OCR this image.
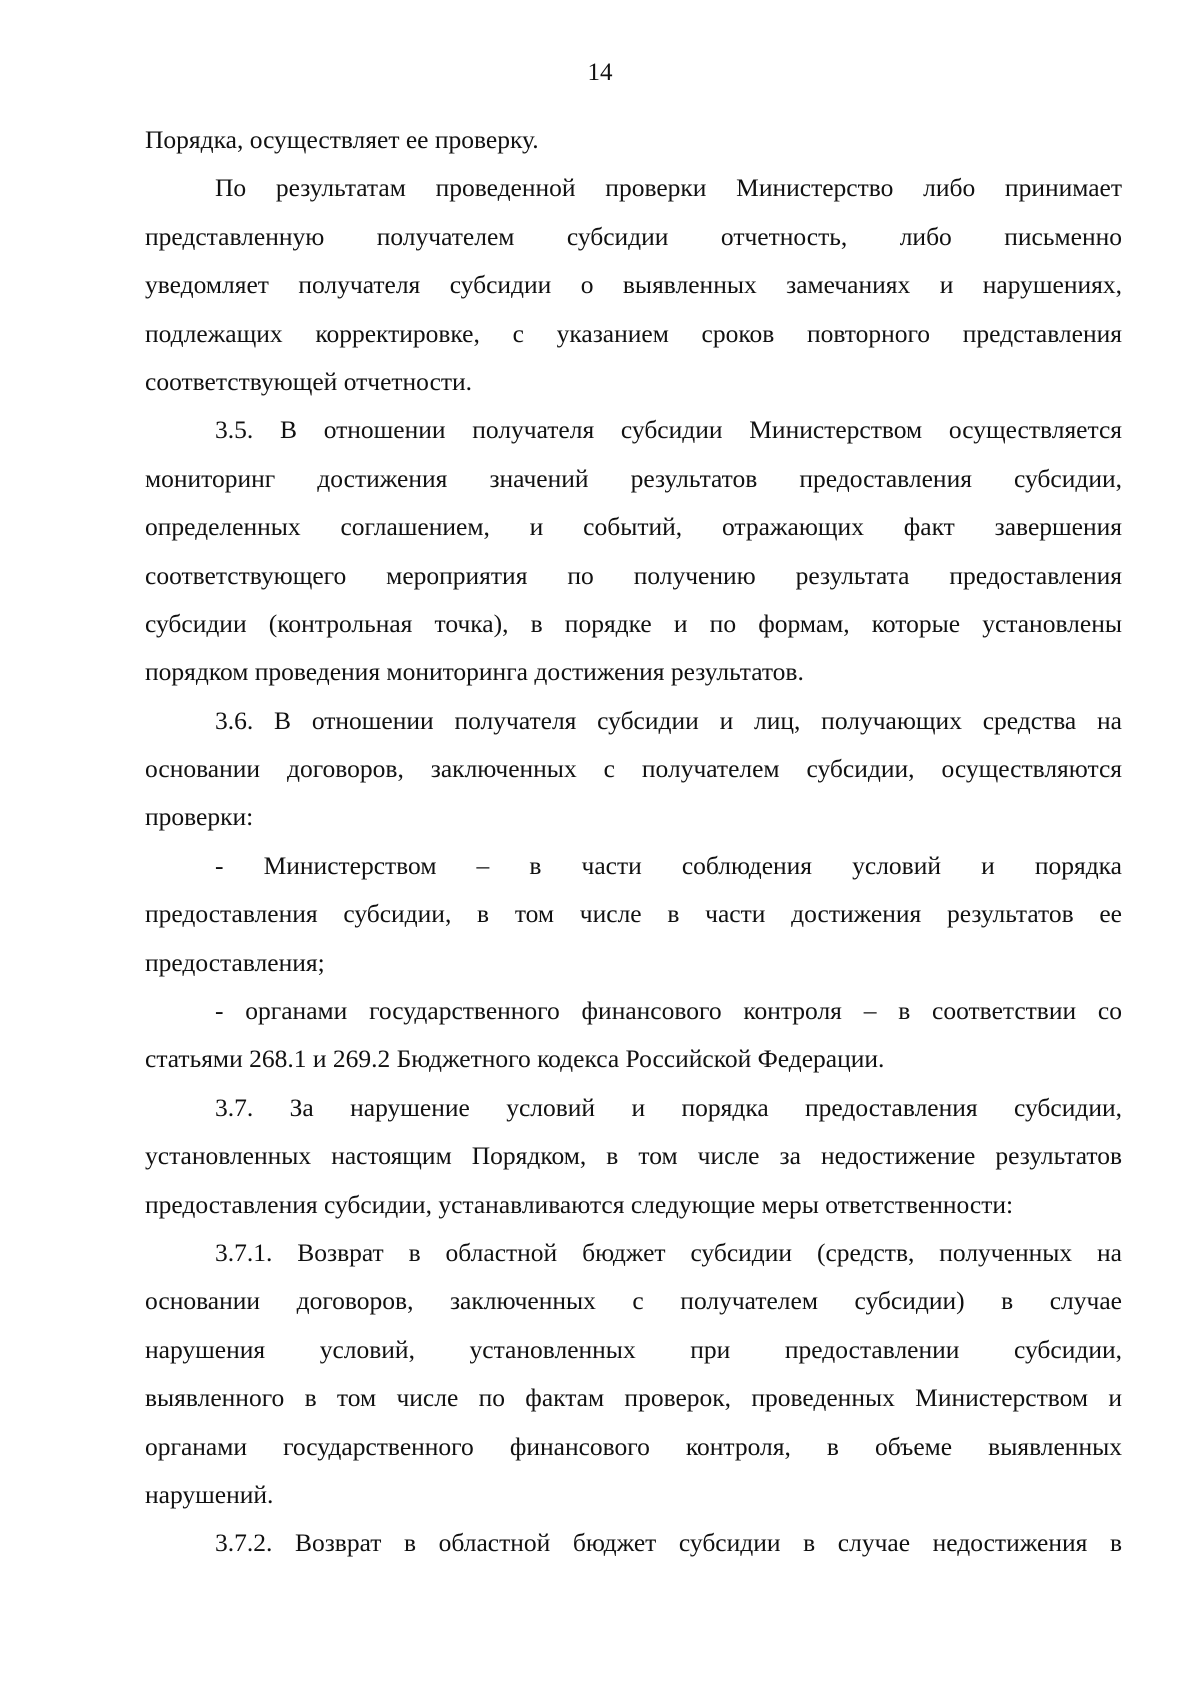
14
Порядка, осуществляет ее проверку.
По результатам проведенной проверки Министерство либо принимает
представленную получателем субсидии отчетность, либо письменно
уведомляет получателя субсидии о выявленных замечаниях и нарушениях,
подлежащих корректировке, с указанием сроков повторного представления
соответствующей отчетности.
3.5. В отношении получателя субсидии Министерством осуществляется
мониторинг достижения значений результатов предоставления субсидии,
определенных соглашением, и событий, отражающих факт завершения
соответствующего мероприятия по получению результата предоставления
субсидии (контрольная точка), в порядке и по формам, которые установлены
порядком проведения мониторинга достижения результатов.
3.6. В отношении получателя субсидии и лиц, получающих средства на
основании договоров, заключенных с получателем субсидии, осуществляются
проверки:
- Министерством – в части соблюдения условий и порядка
предоставления субсидии, в том числе в части достижения результатов ее
предоставления;
- органами государственного финансового контроля – в соответствии со
статьями 268.1 и 269.2 Бюджетного кодекса Российской Федерации.
3.7. За нарушение условий и порядка предоставления субсидии,
установленных настоящим Порядком, в том числе за недостижение результатов
предоставления субсидии, устанавливаются следующие меры ответственности:
3.7.1. Возврат в областной бюджет субсидии (средств, полученных на
основании договоров, заключенных с получателем субсидии) в случае
нарушения условий, установленных при предоставлении субсидии,
выявленного в том числе по фактам проверок, проведенных Министерством и
органами государственного финансового контроля, в объеме выявленных
нарушений.
3.7.2. Возврат в областной бюджет субсидии в случае недостижения в
